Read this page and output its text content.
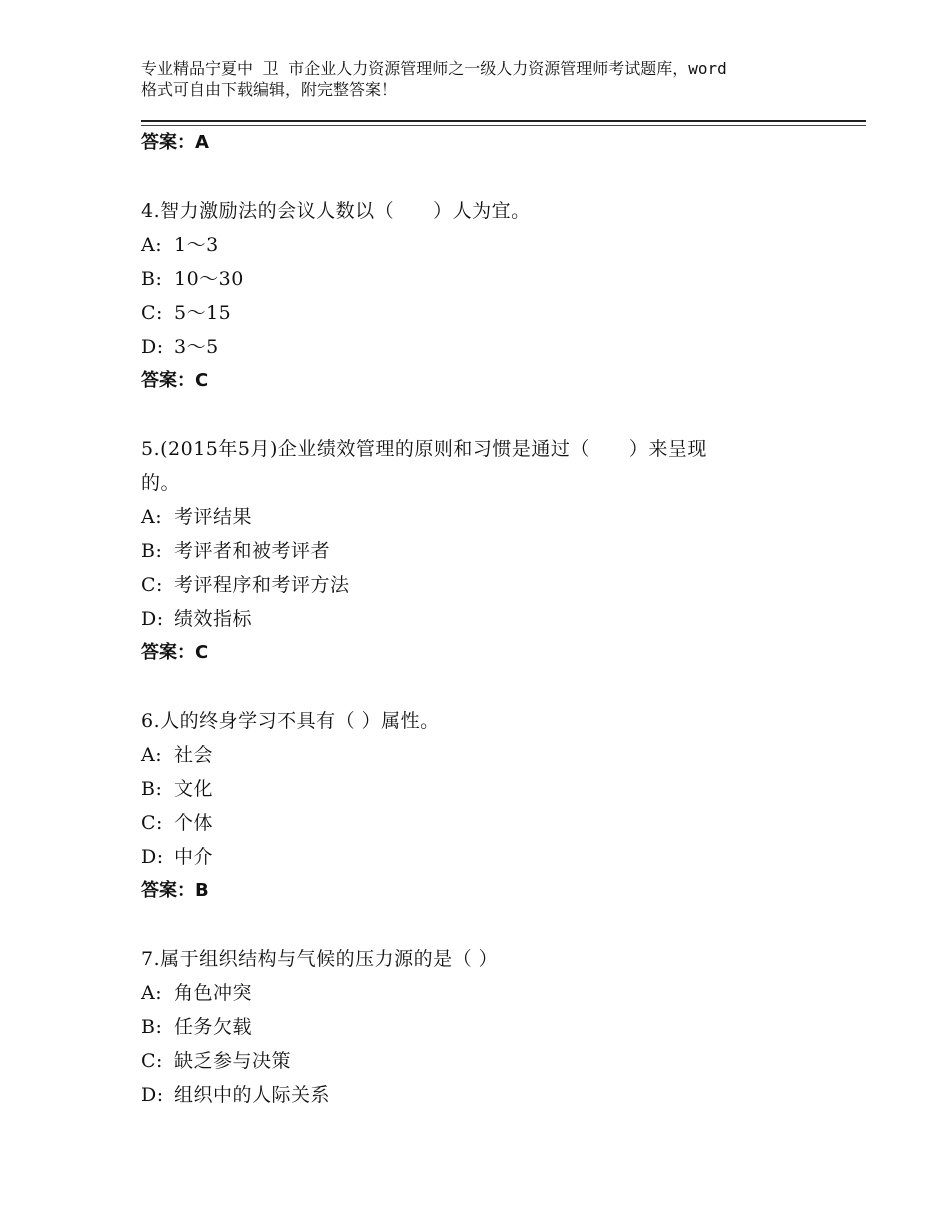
专业精品宁夏中 卫 市企业人力资源管理师之一级人力资源管理师考试题库，word
格式可自由下载编辑，附完整答案！
答案：A
4.智力激励法的会议人数以（　　）人为宜。
A: 1～3
B: 10～30
C: 5～15
D: 3～5
答案：C
5.(2015年5月)企业绩效管理的原则和习惯是通过（　　）来呈现
的。
A: 考评结果
B: 考评者和被考评者
C: 考评程序和考评方法
D: 绩效指标
答案：C
6.人的终身学习不具有（ ）属性。
A: 社会
B: 文化
C: 个体
D: 中介
答案：B
7.属于组织结构与气候的压力源的是（ ）
A: 角色冲突
B: 任务欠载
C: 缺乏参与决策
D: 组织中的人际关系
